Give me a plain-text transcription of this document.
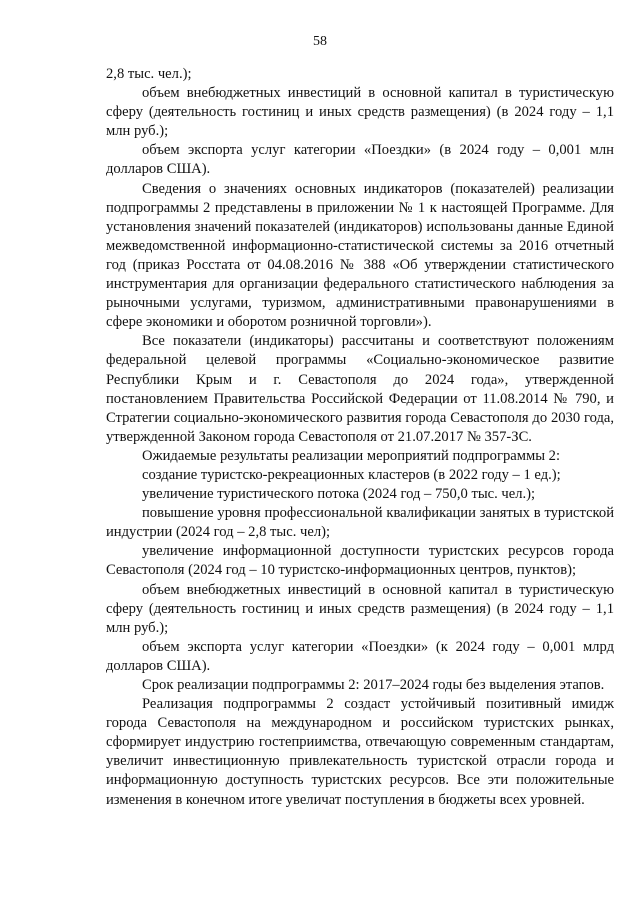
58

2,8 тыс. чел.);

объем внебюджетных инвестиций в основной капитал в туристическую сферу (деятельность гостиниц и иных средств размещения) (в 2024 году – 1,1 млн руб.);

объем экспорта услуг категории «Поездки» (в 2024 году – 0,001 млн долларов США).

Сведения о значениях основных индикаторов (показателей) реализации подпрограммы 2 представлены в приложении № 1 к настоящей Программе. Для установления значений показателей (индикаторов) использованы данные Единой межведомственной информационно-статистической системы за 2016 отчетный год (приказ Росстата от 04.08.2016 № 388 «Об утверждении статистического инструментария для организации федерального статистического наблюдения за рыночными услугами, туризмом, административными правонарушениями в сфере экономики и оборотом розничной торговли»).

Все показатели (индикаторы) рассчитаны и соответствуют положениям федеральной целевой программы «Социально-экономическое развитие Республики Крым и г. Севастополя до 2024 года», утвержденной постановлением Правительства Российской Федерации от 11.08.2014 № 790, и Стратегии социально-экономического развития города Севастополя до 2030 года, утвержденной Законом города Севастополя от 21.07.2017 № 357-ЗС.

Ожидаемые результаты реализации мероприятий подпрограммы 2:

создание туристско-рекреационных кластеров (в 2022 году – 1 ед.);

увеличение туристического потока (2024 год – 750,0 тыс. чел.);

повышение уровня профессиональной квалификации занятых в туристской индустрии (2024 год – 2,8 тыс. чел);

увеличение информационной доступности туристских ресурсов города Севастополя (2024 год – 10 туристско-информационных центров, пунктов);

объем внебюджетных инвестиций в основной капитал в туристическую сферу (деятельность гостиниц и иных средств размещения) (в 2024 году – 1,1 млн руб.);

объем экспорта услуг категории «Поездки» (к 2024 году – 0,001 млрд долларов США).

Срок реализации подпрограммы 2: 2017–2024 годы без выделения этапов.

Реализация подпрограммы 2 создаст устойчивый позитивный имидж города Севастополя на международном и российском туристских рынках, сформирует индустрию гостеприимства, отвечающую современным стандартам, увеличит инвестиционную привлекательность туристской отрасли города и информационную доступность туристских ресурсов. Все эти положительные изменения в конечном итоге увеличат поступления в бюджеты всех уровней.
